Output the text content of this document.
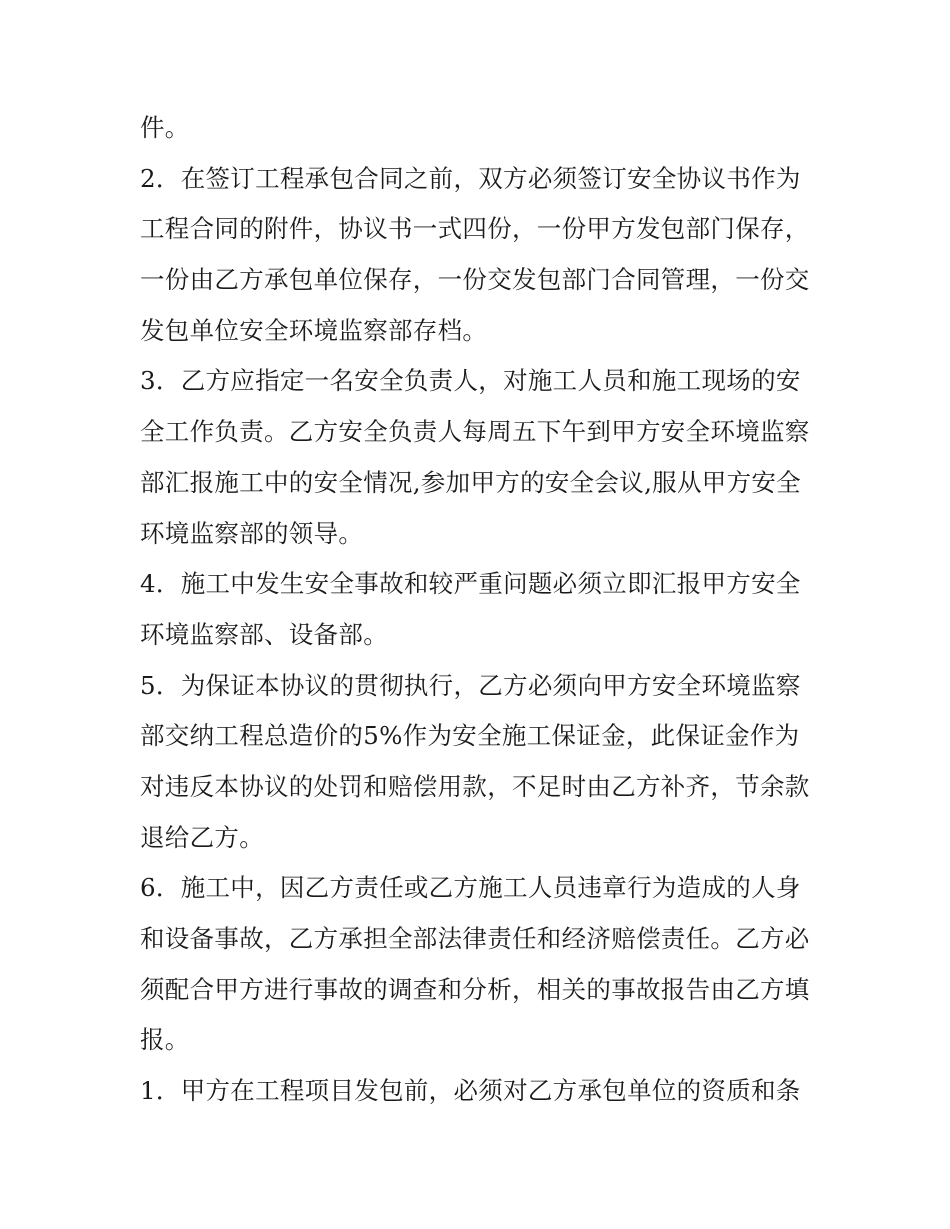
件。
2．在签订工程承包合同之前，双方必须签订安全协议书作为
工程合同的附件，协议书一式四份，一份甲方发包部门保存，
一份由乙方承包单位保存，一份交发包部门合同管理，一份交
发包单位安全环境监察部存档。
3．乙方应指定一名安全负责人，对施工人员和施工现场的安
全工作负责。乙方安全负责人每周五下午到甲方安全环境监察
部汇报施工中的安全情况,参加甲方的安全会议,服从甲方安全
环境监察部的领导。
4．施工中发生安全事故和较严重问题必须立即汇报甲方安全
环境监察部、设备部。
5．为保证本协议的贯彻执行，乙方必须向甲方安全环境监察
部交纳工程总造价的5%作为安全施工保证金，此保证金作为
对违反本协议的处罚和赔偿用款，不足时由乙方补齐，节余款
退给乙方。
6．施工中，因乙方责任或乙方施工人员违章行为造成的人身
和设备事故，乙方承担全部法律责任和经济赔偿责任。乙方必
须配合甲方进行事故的调查和分析，相关的事故报告由乙方填
报。
1．甲方在工程项目发包前，必须对乙方承包单位的资质和条
